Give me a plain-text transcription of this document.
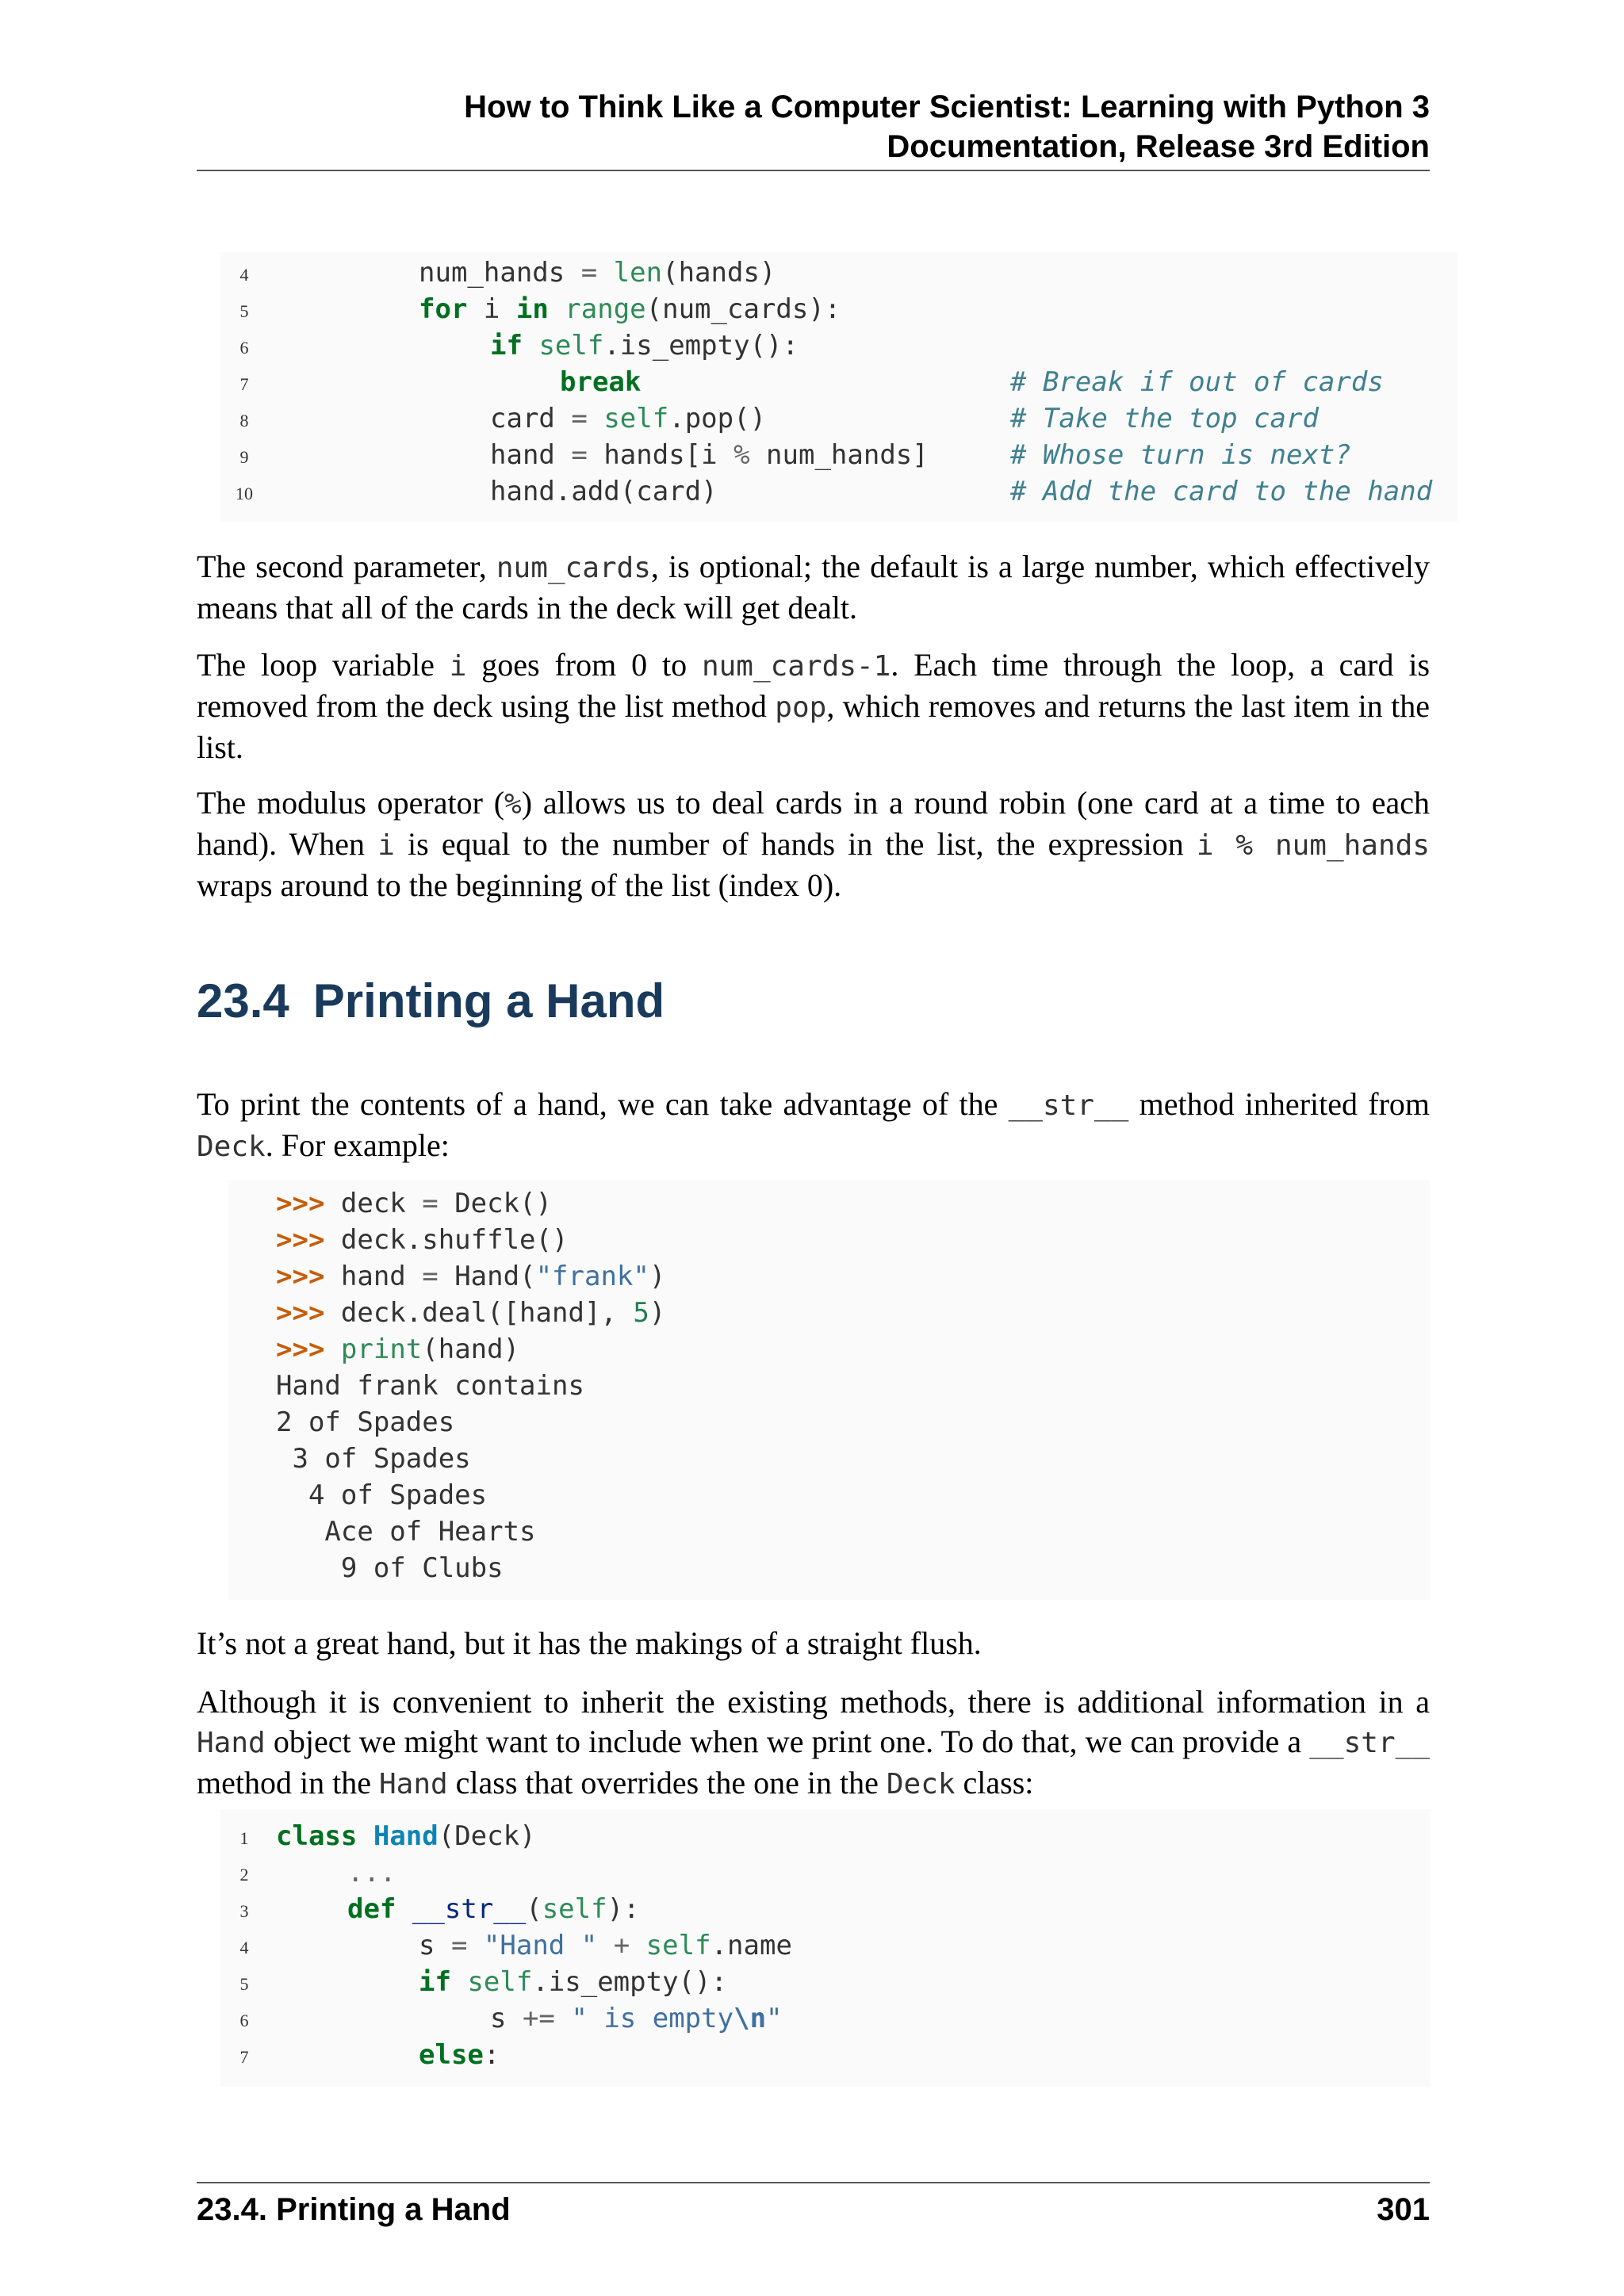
How to Think Like a Computer Scientist: Learning with Python 3
Documentation, Release 3rd Edition
4
5
6
7
8
9
10
num_hands = len(hands)
for i in range(num_cards):
if self.is_empty():
break
card = self.pop()
hand = hands[i % num_hands]
hand.add(card)
# Break if out of cards
# Take the top card
# Whose turn is next?
# Add the card to the hand
The second parameter, num_cards, is optional; the default is a large number, which effectively means that all of the cards in the deck will get dealt.
The loop variable i goes from 0 to num_cards-1. Each time through the loop, a card is removed from the deck using the list method pop, which removes and returns the last item in the list.
The modulus operator (%) allows us to deal cards in a round robin (one card at a time to each hand). When i is equal to the number of hands in the list, the expression i % num_hands wraps around to the beginning of the list (index 0).
23.4 Printing a Hand
To print the contents of a hand, we can take advantage of the __str__ method inherited from Deck. For example:
>>> deck = Deck()
>>> deck.shuffle()
>>> hand = Hand("frank")
>>> deck.deal([hand], 5)
>>> print(hand)
Hand frank contains
2 of Spades
3 of Spades
4 of Spades
Ace of Hearts
9 of Clubs
It’s not a great hand, but it has the makings of a straight flush.
Although it is convenient to inherit the existing methods, there is additional information in a Hand object we might want to include when we print one. To do that, we can provide a __str__ method in the Hand class that overrides the one in the Deck class:
1
2
3
4
5
6
7
class Hand(Deck)
...
def __str__(self):
s = "Hand " + self.name
if self.is_empty():
s += " is empty\n"
else:
23.4. Printing a Hand	301
